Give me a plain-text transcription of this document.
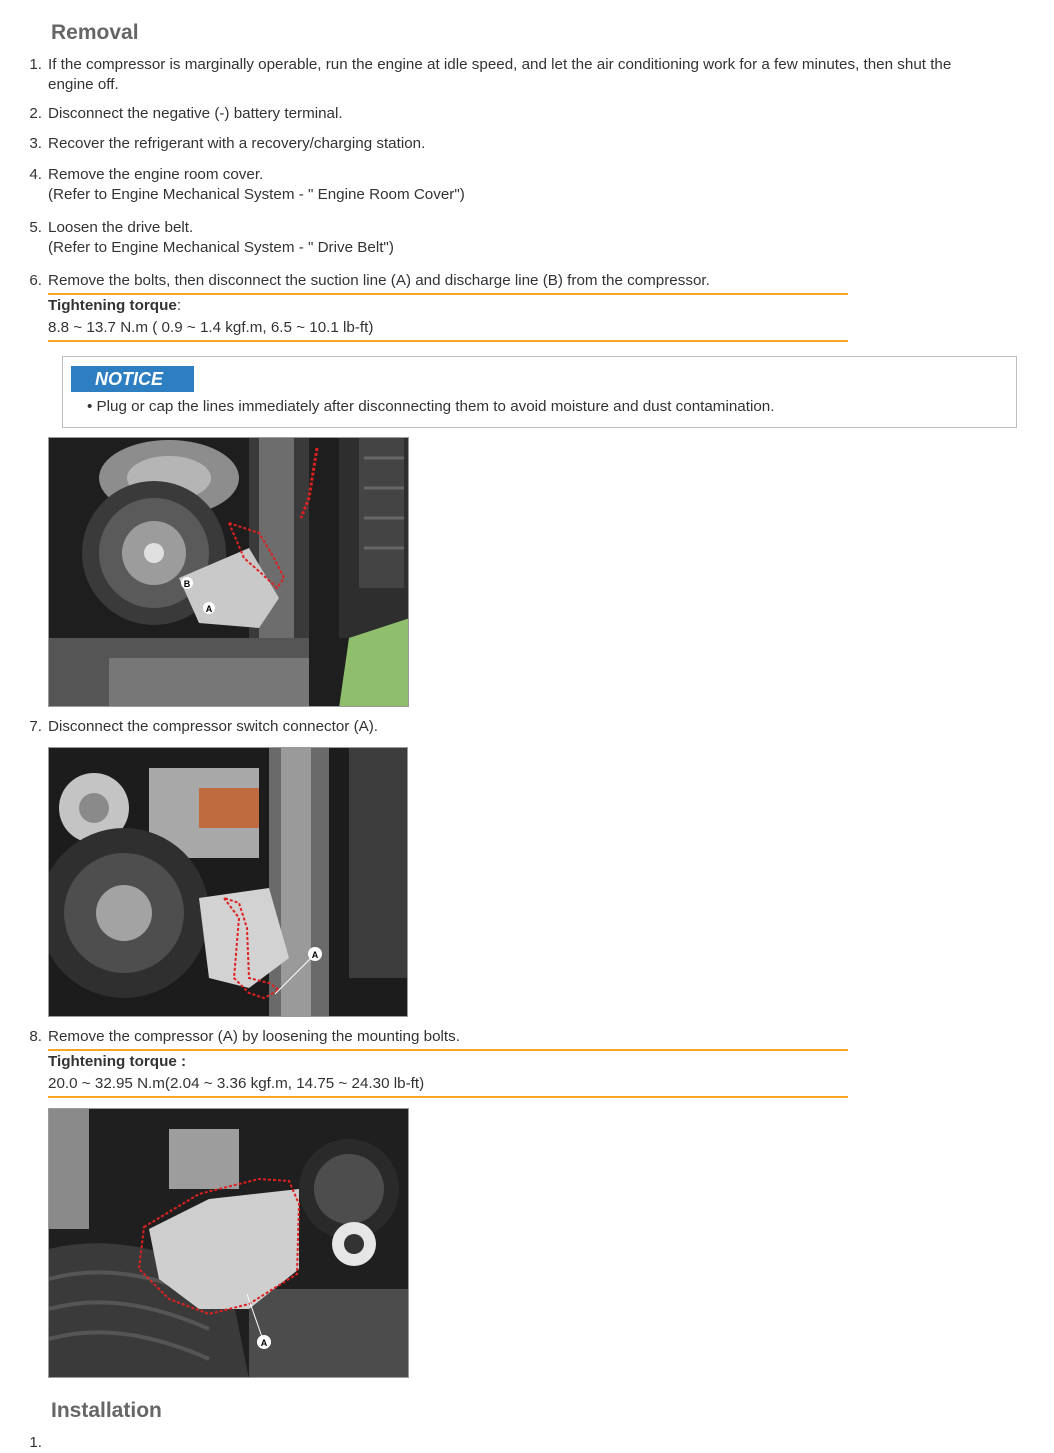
Removal
1. If the compressor is marginally operable, run the engine at idle speed, and let the air conditioning work for a few minutes, then shut the
engine off.
2. Disconnect the negative (-) battery terminal.
3. Recover the refrigerant with a recovery/charging station.
4. Remove the engine room cover.
(Refer to Engine Mechanical System - " Engine Room Cover")
5. Loosen the drive belt.
(Refer to Engine Mechanical System - " Drive Belt")
6. Remove the bolts, then disconnect the suction line (A) and discharge line (B) from the compressor.
Tightening torque:
8.8 ~ 13.7 N.m ( 0.9 ~ 1.4 kgf.m, 6.5 ~ 10.1 lb-ft)
NOTICE
• Plug or cap the lines immediately after disconnecting them to avoid moisture and dust contamination.
B
A
7. Disconnect the compressor switch connector (A).
A
8. Remove the compressor (A) by loosening the mounting bolts.
Tightening torque :
20.0 ~ 32.95 N.m(2.04 ~ 3.36 kgf.m, 14.75 ~ 24.30 lb-ft)
A
Installation
1.
